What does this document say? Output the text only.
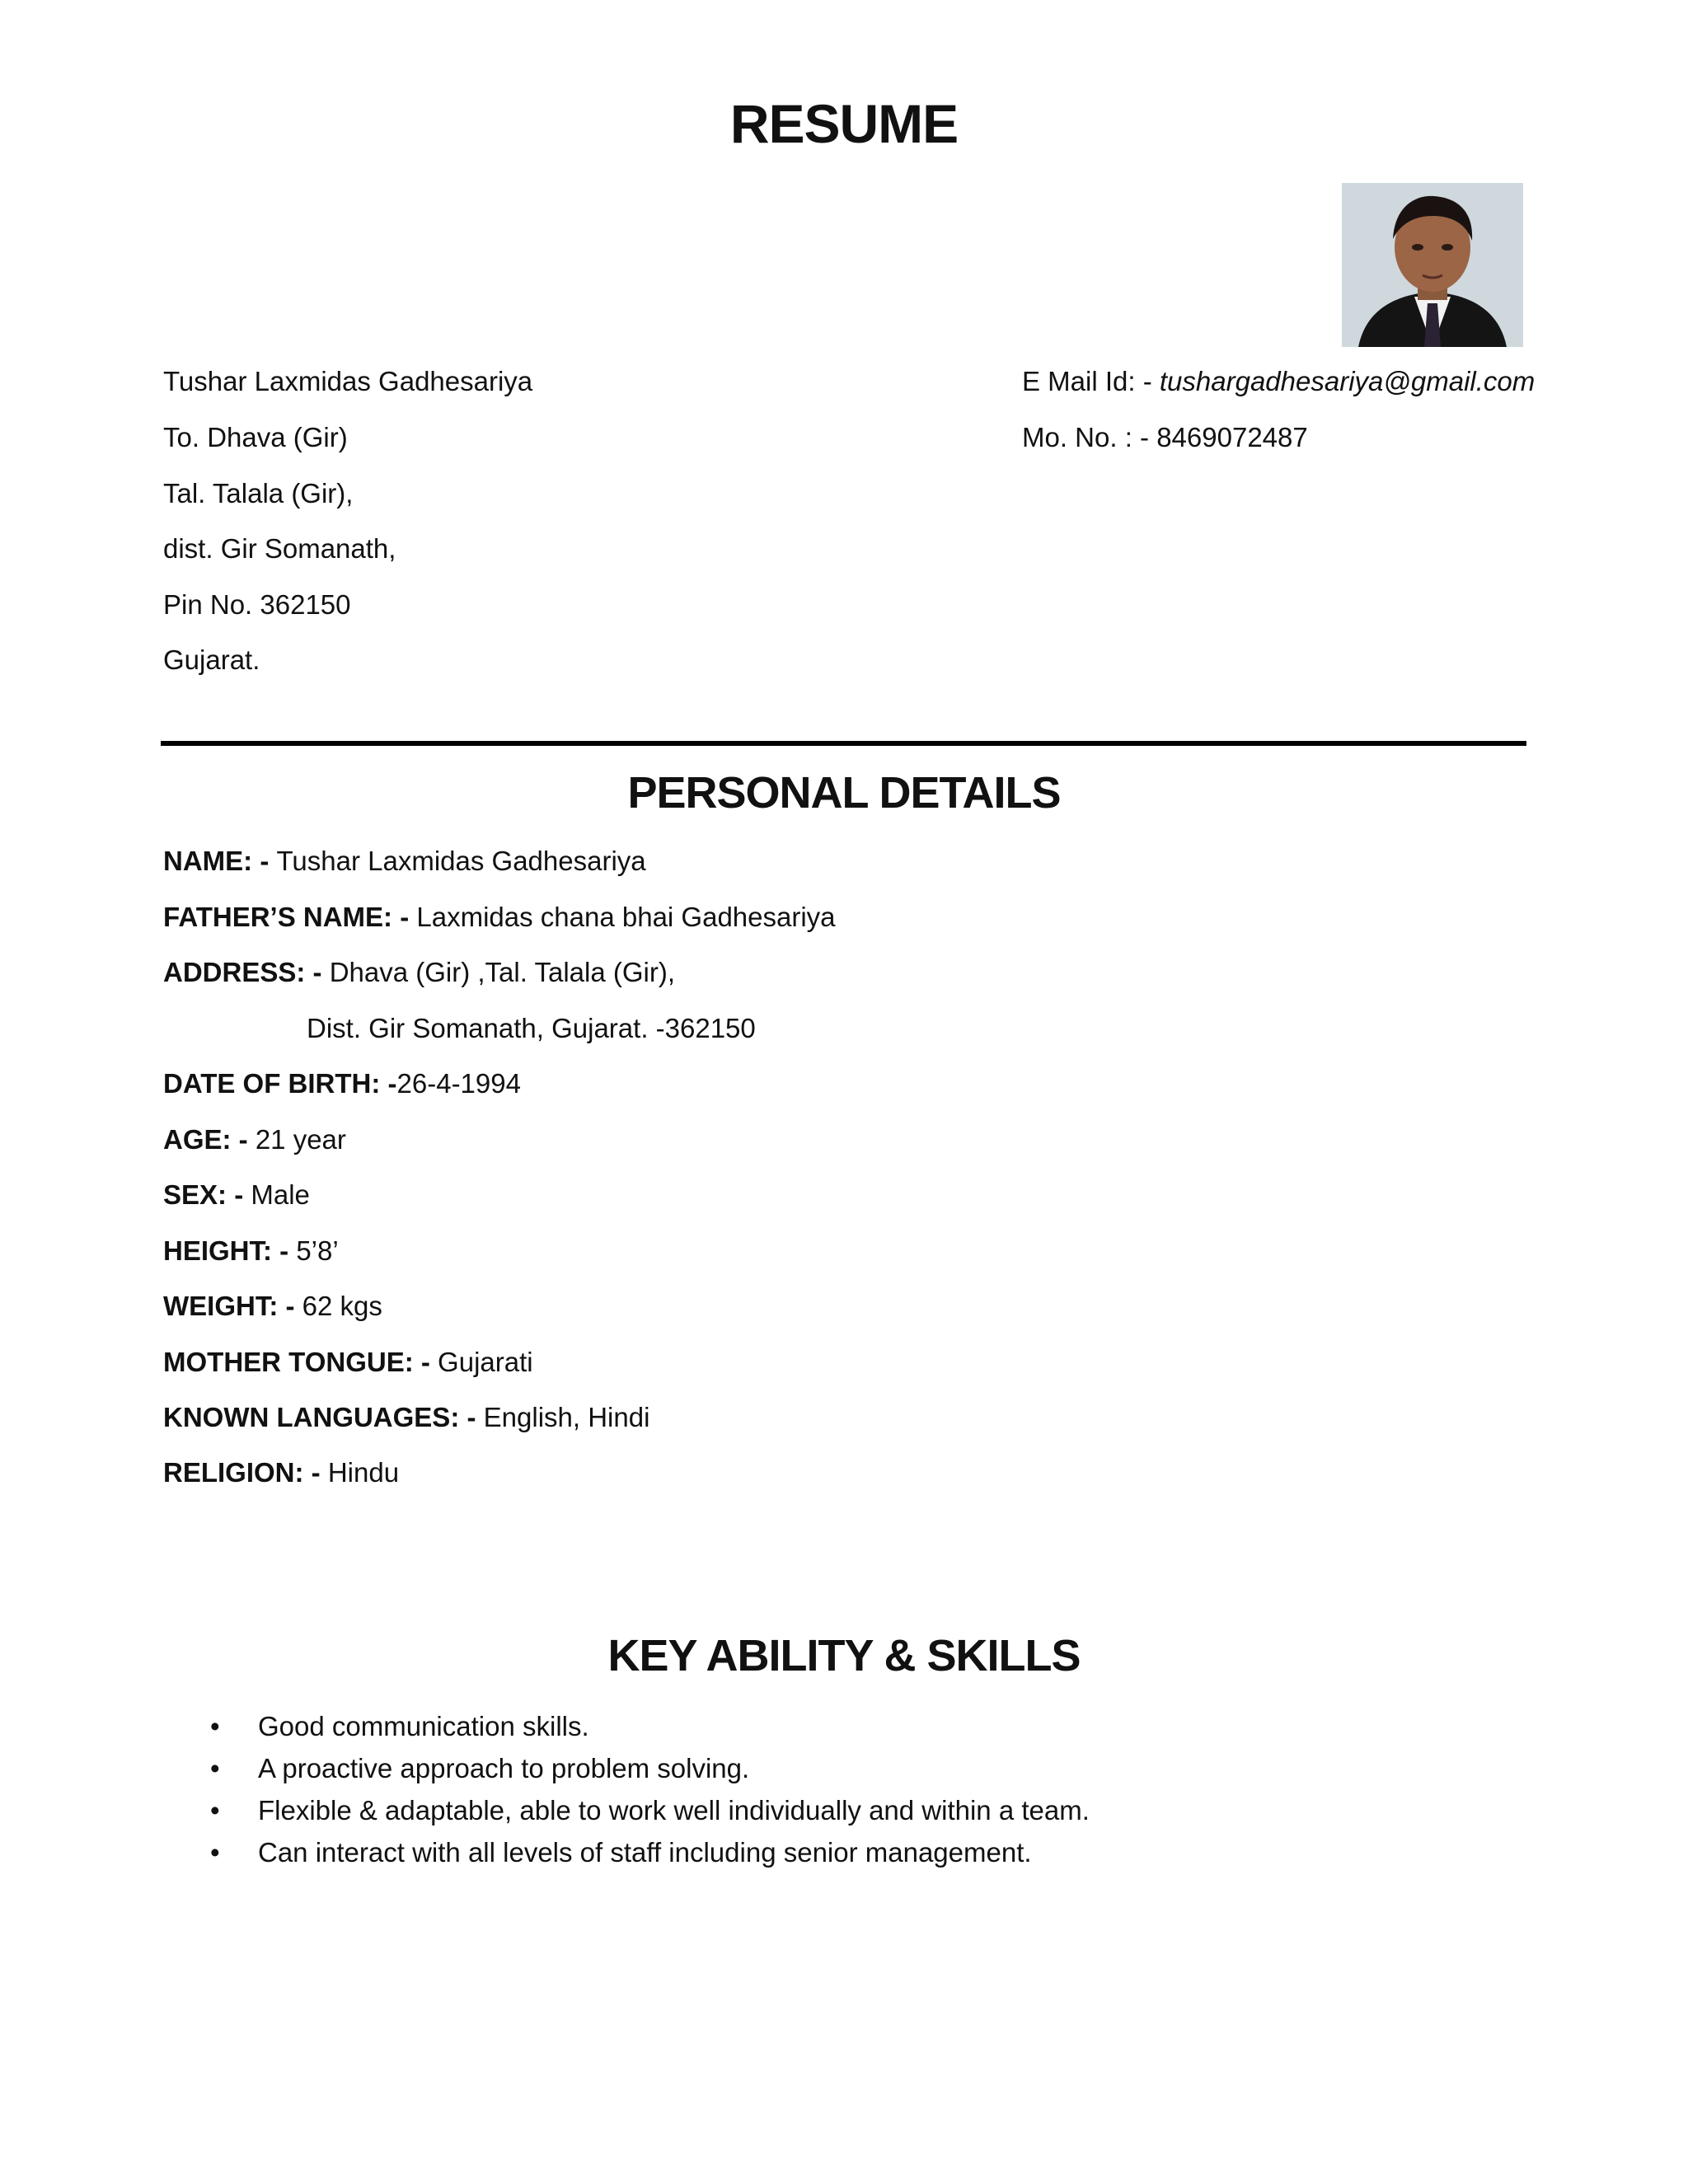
RESUME
Tushar Laxmidas Gadhesariya
To. Dhava (Gir)
Tal. Talala (Gir),
dist. Gir Somanath,
Pin No. 362150
Gujarat.
E Mail Id: - tushargadhesariya@gmail.com
Mo. No. : - 8469072487
PERSONAL DETAILS
NAME: - Tushar Laxmidas Gadhesariya
FATHER’S NAME: - Laxmidas chana bhai Gadhesariya
ADDRESS: - Dhava (Gir) ,Tal. Talala (Gir),
Dist. Gir Somanath, Gujarat. -362150
DATE OF BIRTH: -26-4-1994
AGE: - 21 year
SEX: - Male
HEIGHT: - 5’8’
WEIGHT: - 62 kgs
MOTHER TONGUE: - Gujarati
KNOWN LANGUAGES: - English, Hindi
RELIGION: - Hindu
KEY ABILITY & SKILLS
• Good communication skills.
• A proactive approach to problem solving.
• Flexible & adaptable, able to work well individually and within a team.
• Can interact with all levels of staff including senior management.
